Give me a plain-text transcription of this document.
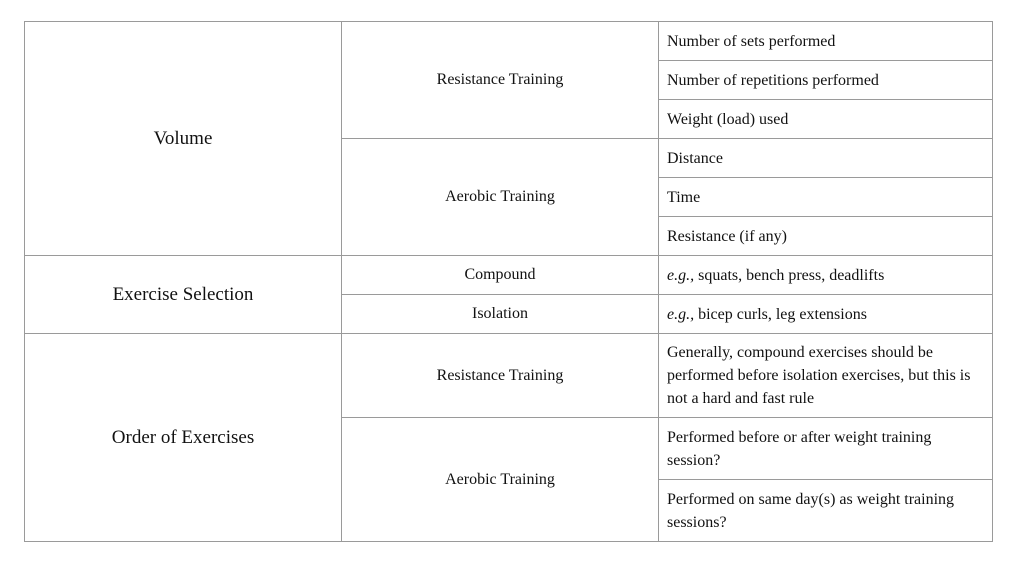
Volume	Resistance Training	Number of sets performed
		Number of repetitions performed
		Weight (load) used
	Aerobic Training	Distance
		Time
		Resistance (if any)
Exercise Selection	Compound	e.g., squats, bench press, deadlifts
	Isolation	e.g., bicep curls, leg extensions
Order of Exercises	Resistance Training	Generally, compound exercises should be performed before isolation exercises, but this is not a hard and fast rule
	Aerobic Training	Performed before or after weight training session?
		Performed on same day(s) as weight training sessions?
